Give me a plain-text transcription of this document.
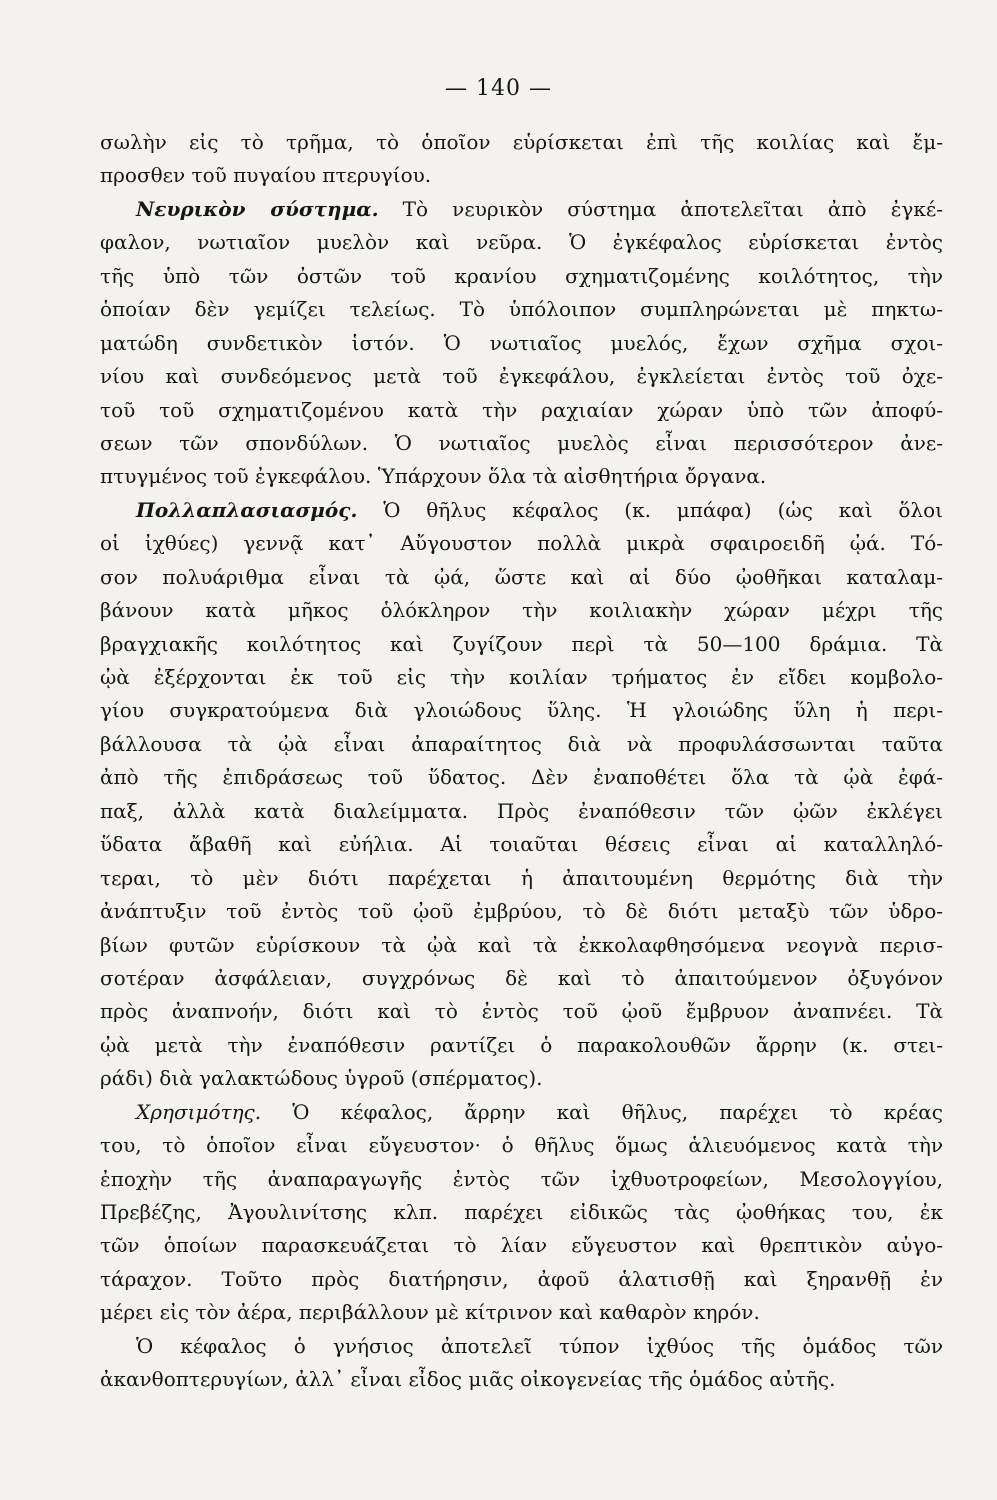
— 140 —
σωλὴν εἰς τὸ τρῆμα, τὸ ὁποῖον εὑρίσκεται ἐπὶ τῆς κοιλίας καὶ ἔμ-
προσθεν τοῦ πυγαίου πτερυγίου.
Νευρικὸν σύστημα. Τὸ νευρικὸν σύστημα ἀποτελεῖται ἀπὸ ἐγκέ-
φαλον, νωτιαῖον μυελὸν καὶ νεῦρα. Ὁ ἐγκέφαλος εὑρίσκεται ἐντὸς
τῆς ὑπὸ τῶν ὀστῶν τοῦ κρανίου σχηματιζομένης κοιλότητος, τὴν
ὁποίαν δὲν γεμίζει τελείως. Τὸ ὑπόλοιπον συμπληρώνεται μὲ πηκτω-
ματώδη συνδετικὸν ἱστόν. Ὁ νωτιαῖος μυελός, ἔχων σχῆμα σχοι-
νίου καὶ συνδεόμενος μετὰ τοῦ ἐγκεφάλου, ἐγκλείεται ἐντὸς τοῦ ὀχε-
τοῦ τοῦ σχηματιζομένου κατὰ τὴν ραχιαίαν χώραν ὑπὸ τῶν ἀποφύ-
σεων τῶν σπονδύλων. Ὁ νωτιαῖος μυελὸς εἶναι περισσότερον ἀνε-
πτυγμένος τοῦ ἐγκεφάλου. Ὑπάρχουν ὅλα τὰ αἰσθητήρια ὄργανα.
Πολλαπλασιασμός. Ὁ θῆλυς κέφαλος (κ. μπάφα) (ὡς καὶ ὅλοι
οἱ ἰχθύες) γεννᾷ κατ᾿ Αὔγουστον πολλὰ μικρὰ σφαιροειδῆ ᾠά. Τό-
σον πολυάριθμα εἶναι τὰ ᾠά, ὥστε καὶ αἱ δύο ᾠοθῆκαι καταλαμ-
βάνουν κατὰ μῆκος ὁλόκληρον τὴν κοιλιακὴν χώραν μέχρι τῆς
βραγχιακῆς κοιλότητος καὶ ζυγίζουν περὶ τὰ 50—100 δράμια. Τὰ
ᾠὰ ἐξέρχονται ἐκ τοῦ εἰς τὴν κοιλίαν τρήματος ἐν εἴδει κομβολο-
γίου συγκρατούμενα διὰ γλοιώδους ὕλης. Ἡ γλοιώδης ὕλη ἡ περι-
βάλλουσα τὰ ᾠὰ εἶναι ἀπαραίτητος διὰ νὰ προφυλάσσωνται ταῦτα
ἀπὸ τῆς ἐπιδράσεως τοῦ ὕδατος. Δὲν ἐναποθέτει ὅλα τὰ ᾠὰ ἐφά-
παξ, ἀλλὰ κατὰ διαλείμματα. Πρὸς ἐναπόθεσιν τῶν ᾠῶν ἐκλέγει
ὕδατα ἄβαθῆ καὶ εὐήλια. Αἱ τοιαῦται θέσεις εἶναι αἱ καταλληλό-
τεραι, τὸ μὲν διότι παρέχεται ἡ ἀπαιτουμένη θερμότης διὰ τὴν
ἀνάπτυξιν τοῦ ἐντὸς τοῦ ᾠοῦ ἐμβρύου, τὸ δὲ διότι μεταξὺ τῶν ὑδρο-
βίων φυτῶν εὑρίσκουν τὰ ᾠὰ καὶ τὰ ἐκκολαφθησόμενα νεογνὰ περισ-
σοτέραν ἀσφάλειαν, συγχρόνως δὲ καὶ τὸ ἀπαιτούμενον ὀξυγόνον
πρὸς ἀναπνοήν, διότι καὶ τὸ ἐντὸς τοῦ ᾠοῦ ἔμβρυον ἀναπνέει. Τὰ
ᾠὰ μετὰ τὴν ἐναπόθεσιν ραντίζει ὁ παρακολουθῶν ἄρρην (κ. στει-
ράδι) διὰ γαλακτώδους ὑγροῦ (σπέρματος).
Χρησιμότης. Ὁ κέφαλος, ἄρρην καὶ θῆλυς, παρέχει τὸ κρέας
του, τὸ ὁποῖον εἶναι εὔγευστον· ὁ θῆλυς ὅμως ἁλιευόμενος κατὰ τὴν
ἐποχὴν τῆς ἀναπαραγωγῆς ἐντὸς τῶν ἰχθυοτροφείων, Μεσολογγίου,
Πρεβέζης, Ἀγουλινίτσης κλπ. παρέχει εἰδικῶς τὰς ᾠοθήκας του, ἐκ
τῶν ὁποίων παρασκευάζεται τὸ λίαν εὔγευστον καὶ θρεπτικὸν αὐγο-
τάραχον. Τοῦτο πρὸς διατήρησιν, ἀφοῦ ἁλατισθῇ καὶ ξηρανθῇ ἐν
μέρει εἰς τὸν ἀέρα, περιβάλλουν μὲ κίτρινον καὶ καθαρὸν κηρόν.
Ὁ κέφαλος ὁ γνήσιος ἀποτελεῖ τύπον ἰχθύος τῆς ὁμάδος τῶν
ἀκανθοπτερυγίων, ἀλλ᾿ εἶναι εἶδος μιᾶς οἰκογενείας τῆς ὁμάδος αὐτῆς.
